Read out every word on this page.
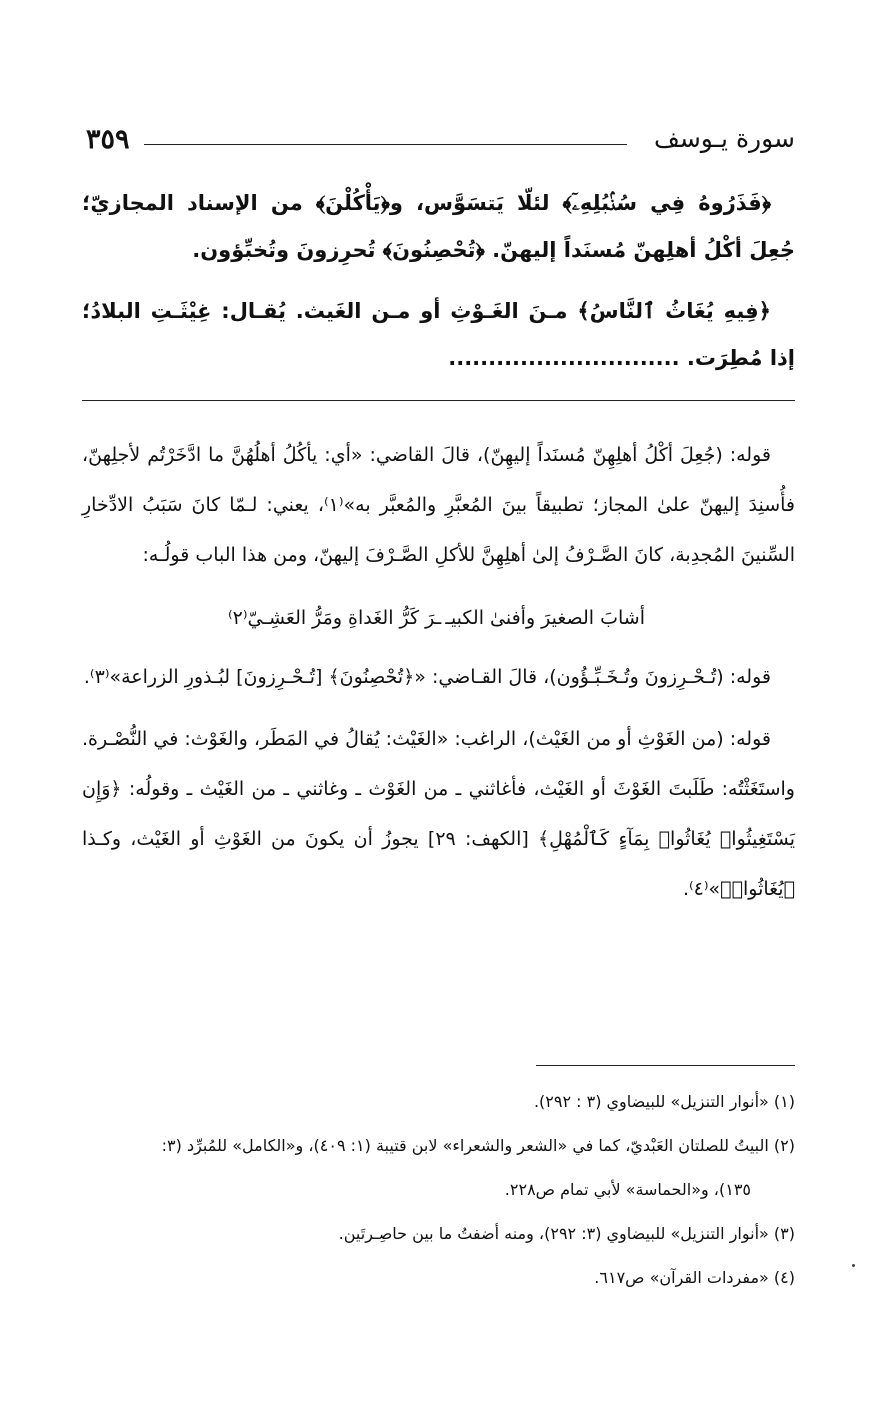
٣٥٩	سورة يـوسف

﴿فَذَرُوهُ فِي سُنۢبُلِهِۦٓ﴾ لئلّا يَتسَوَّس، و﴿يَأْكُلْنَ﴾ من الإسناد المجازيّ؛ جُعِلَ أكْلُ أهلِهنّ مُسنَداً إليهنّ. ﴿تُحْصِنُونَ﴾ تُحرِزونَ وتُخبِّؤون.

﴿فِيهِ يُغَاثُ ٱلنَّاسُ﴾ مـنَ الغَـوْثِ أو مـن الغَيث. يُقـال: غِيْثَـتِ البلادُ؛ إذا مُطِرَت. .............................

قوله: (جُعِلَ أكْلُ أهلِهِنّ مُسنَداً إليهِنّ)، قالَ القاضي: «أي: يأكُلُ أهلُهُنَّ ما ادَّخَرْتُم لأجلِهنّ، فأُسنِدَ إليهنّ علىٰ المجاز؛ تطبيقاً بينَ المُعبَّرِ والمُعبَّر به»⁽١⁾، يعني: لـمّا كانَ سَبَبُ الادِّخارِ السِّنينَ المُجدِبة، كانَ الصَّـرْفُ إلىٰ أهلِهِنَّ للأكلِ الصَّـرْفَ إليهنّ، ومن هذا الباب قولُـه:

أشابَ الصغيرَ وأفنىٰ الكبيـ
ـرَ كَرُّ الغَداةِ ومَرُّ العَشِـيّ⁽٢⁾

قوله: (تُـحْـرِزونَ وتُـخَـبِّـؤُون)، قالَ القـاضي: «﴿تُحْصِنُونَ﴾ [تُـحْـرِزونَ] لبُـذورِ الزراعة»⁽٣⁾.

قوله: (من الغَوْثِ أو من الغَيْث)، الراغب: «الغَيْث: يُقالُ في المَطَر، والغَوْث: في النُّصْـرة. واستَغَثْتُه: طَلَبتَ الغَوْثَ أو الغَيْث، فأغاثني ـ من الغَوْث ـ وغاثني ـ من الغَيْث ـ وقولُه: ﴿وَإِن يَسْتَغِيثُوا۟ يُغَاثُوا۟ بِمَآءٍ كَٱلْمُهْلِ﴾ [الكهف: ٢٩] يجوزُ أن يكونَ من الغَوْثِ أو الغَيْث، وكـذا ﴿يُغَاثُوا۟﴾»⁽٤⁾.

(١) «أنوار التنزيل» للبيضاوي (٣ : ٢٩٢).

(٢) البيتُ للصلتان العَبْديّ، كما في «الشعر والشعراء» لابن قتيبة (١: ٤٠٩)، و«الكامل» للمُبرِّد (٣:

١٣٥)، و«الحماسة» لأبي تمام ص٢٢٨.

(٣) «أنوار التنزيل» للبيضاوي (٣: ٢٩٢)، ومنه أضفتُ ما بين حاصِـرتَين.

(٤) «مفردات القرآن» ص٦١٧.
